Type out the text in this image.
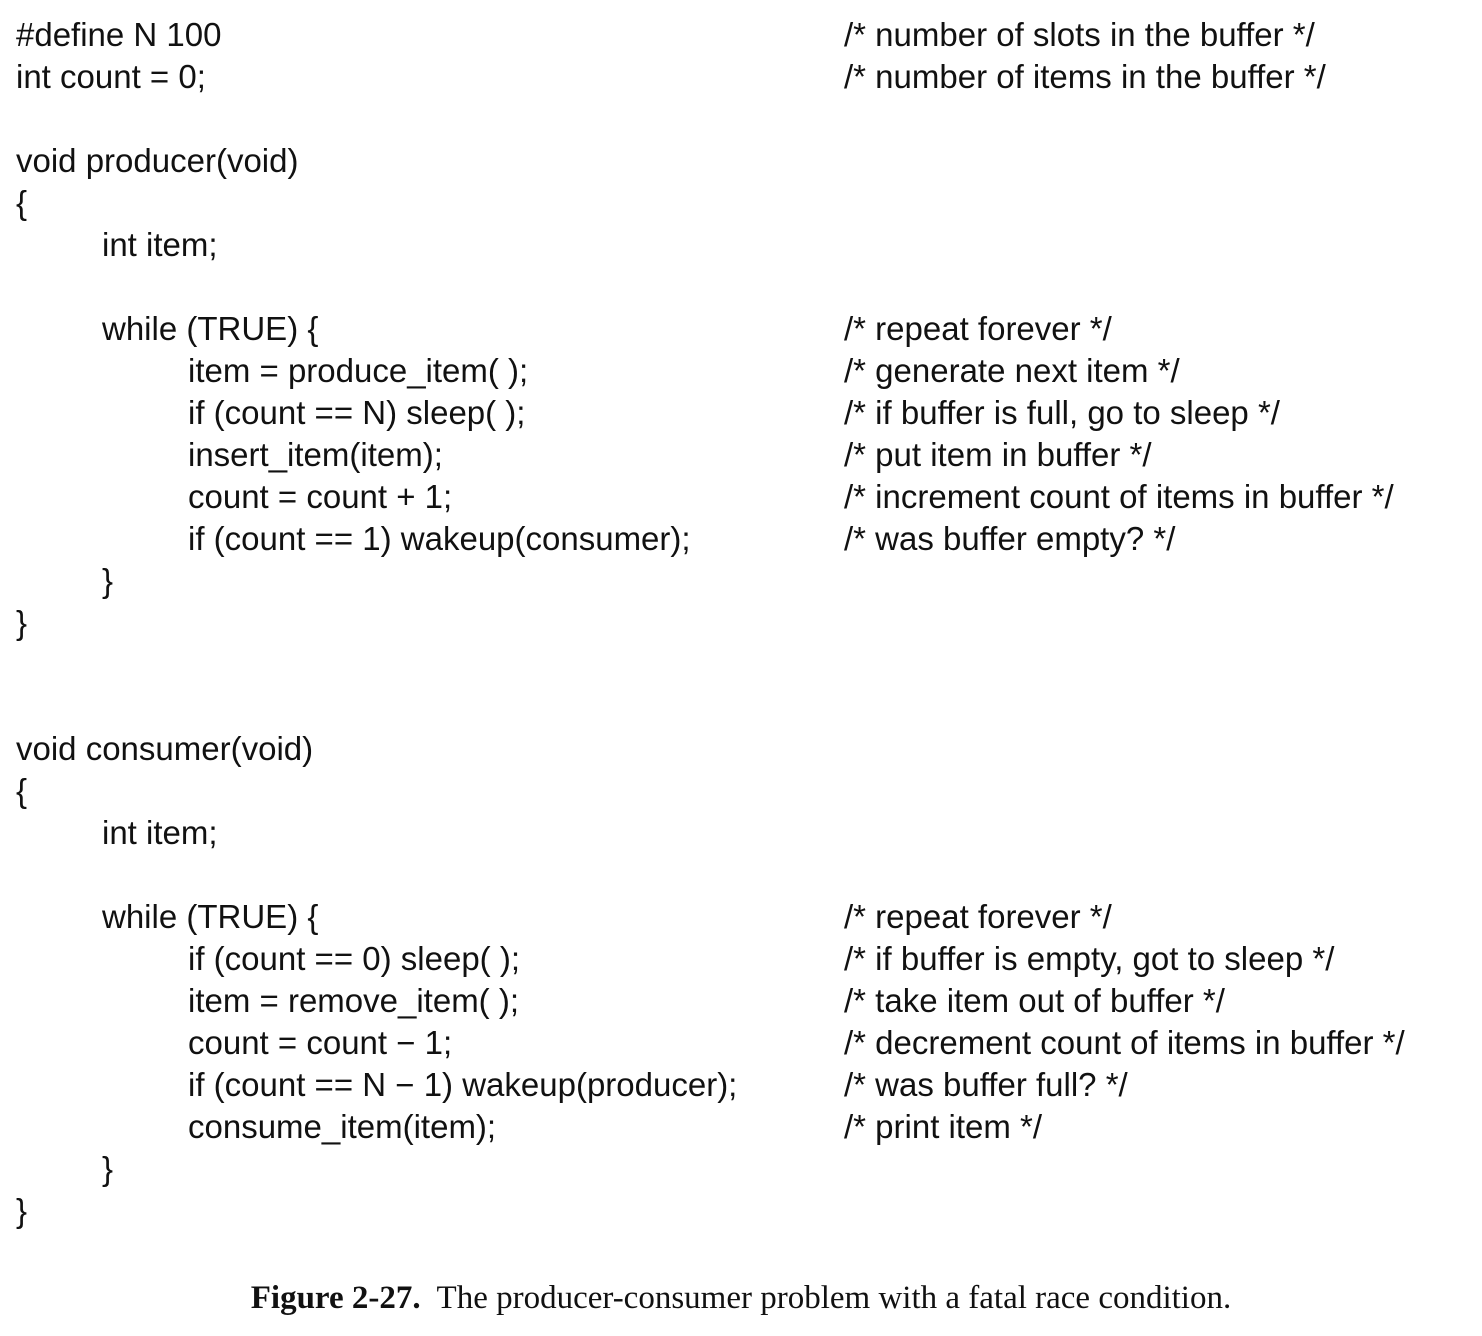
#define N 100

	/* number of slots in the buffer */

int count = 0;

	/* number of items in the buffer */

void producer(void)

{

int item;

while (TRUE) {

	/* repeat forever */

item = produce_item( );

	/* generate next item */

if (count == N) sleep( );

	/* if buffer is full, go to sleep */

insert_item(item);

	/* put item in buffer */

count = count + 1;

	/* increment count of items in buffer */

if (count == 1) wakeup(consumer);

	/* was buffer empty? */

}

}

void consumer(void)

{

int item;

while (TRUE) {

	/* repeat forever */

if (count == 0) sleep( );

	/* if buffer is empty, got to sleep */

item = remove_item( );

	/* take item out of buffer */

count = count − 1;

	/* decrement count of items in buffer */

if (count == N − 1) wakeup(producer);

	/* was buffer full? */

consume_item(item);

	/* print item */

}

}

Figure 2-27. The producer-consumer problem with a fatal race condition.
